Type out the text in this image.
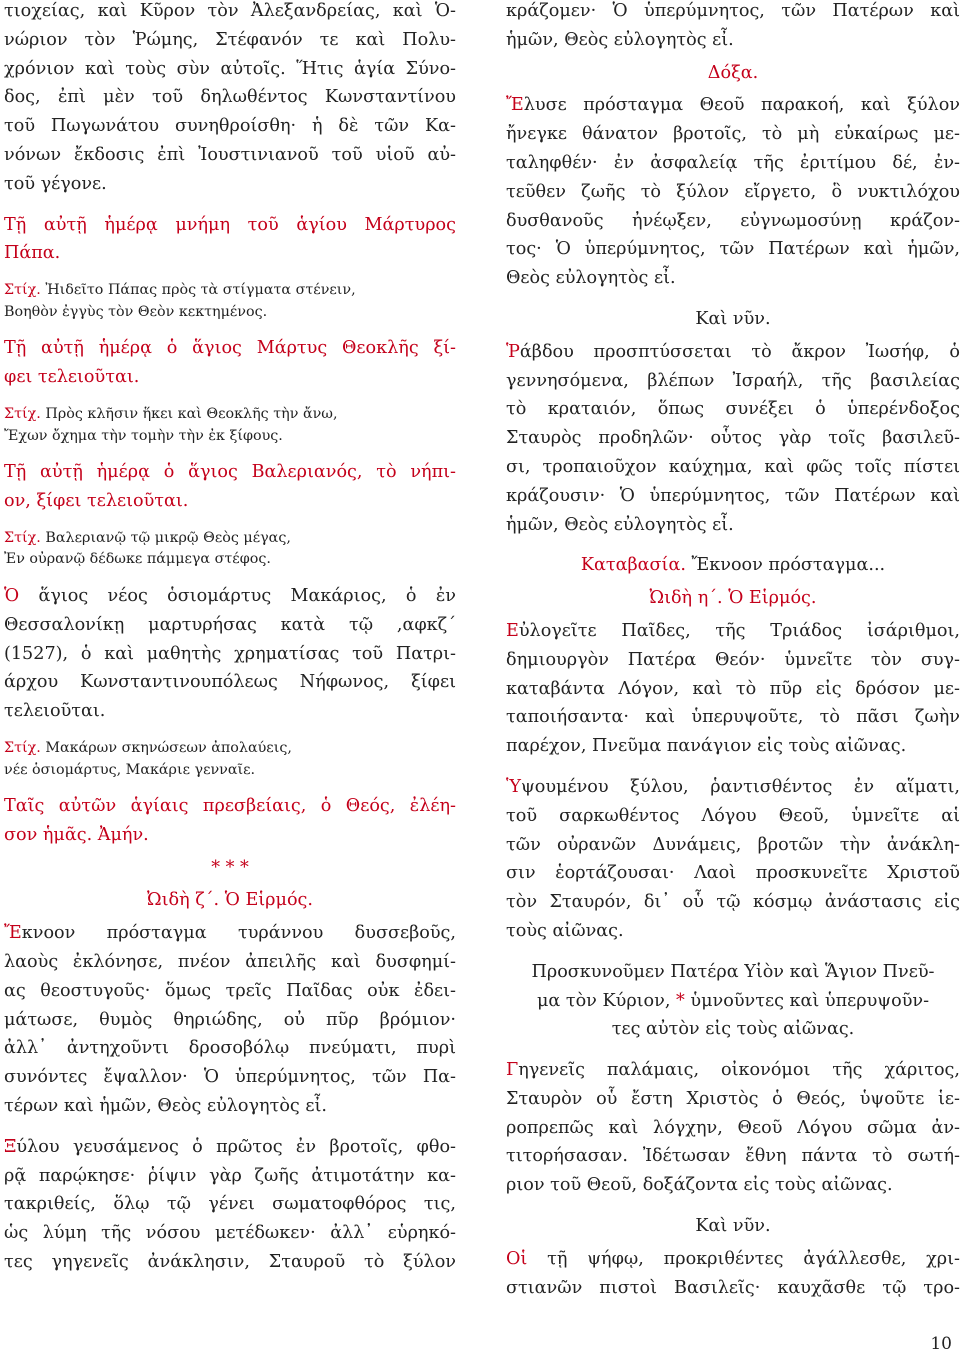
τιοχείας, καὶ Κῦρον τὸν Ἀλεξανδρείας, καὶ Ὁ-
νώριον τὸν Ῥώμης, Στέφανόν τε καὶ Πολυ-
χρόνιον καὶ τοὺς σὺν αὐτοῖς. Ἥτις ἁγία Σύνο-
δος, ἐπὶ μὲν τοῦ δηλωθέντος Κωνσταντίνου
τοῦ Πωγωνάτου συνηθροίσθη· ἡ δὲ τῶν Κα-
νόνων ἔκδοσις ἐπὶ Ἰουστινιανοῦ τοῦ υἱοῦ αὐ-
τοῦ γέγονε.
Τῇ αὐτῇ ἡμέρᾳ μνήμη τοῦ ἁγίου Μάρτυρος
Πάπα.
Στίχ. Ἠιδεῖτο Πάπας πρὸς τὰ στίγματα στένειν,
Βοηθὸν ἐγγὺς τὸν Θεὸν κεκτημένος.
Τῇ αὐτῇ ἡμέρᾳ ὁ ἅγιος Μάρτυς Θεοκλῆς ξί-
φει τελειοῦται.
Στίχ. Πρὸς κλῆσιν ἥκει καὶ Θεοκλῆς τὴν ἄνω,
Ἔχων ὄχημα τὴν τομὴν τὴν ἐκ ξίφους.
Τῇ αὐτῇ ἡμέρᾳ ὁ ἅγιος Βαλεριανός, τὸ νήπι-
ον, ξίφει τελειοῦται.
Στίχ. Βαλεριανῷ τῷ μικρῷ Θεὸς μέγας,
Ἐν οὐρανῷ δέδωκε πάμμεγα στέφος.
Ὁ ἅγιος νέος ὁσιομάρτυς Μακάριος, ὁ ἐν
Θεσσαλονίκῃ μαρτυρήσας κατὰ τῷ ,αφκζ´
(1527), ὁ καὶ μαθητὴς χρηματίσας τοῦ Πατρι-
άρχου Κωνσταντινουπόλεως Νήφωνος, ξίφει
τελειοῦται.
Στίχ. Μακάρων σκηνώσεων ἀπολαύεις,
νέε ὁσιομάρτυς, Μακάριε γενναῖε.
Ταῖς αὐτῶν ἁγίαις πρεσβείαις, ὁ Θεός, ἐλέη-
σον ἡμᾶς. Ἀμήν.
* * *
Ὠιδὴ ζ΄. Ὁ Εἱρμός.
Ἔκνοον πρόσταγμα τυράννου δυσσεβοῦς,
λαοὺς ἐκλόνησε, πνέον ἀπειλῆς καὶ δυσφημί-
ας θεοστυγοῦς· ὅμως τρεῖς Παῖδας οὐκ ἐδει-
μάτωσε, θυμὸς θηριώδης, οὐ πῦρ βρόμιον·
ἀλλ᾽ ἀντηχοῦντι δροσοβόλῳ πνεύματι, πυρὶ
συνόντες ἔψαλλον· Ὁ ὑπερύμνητος, τῶν Πα-
τέρων καὶ ἡμῶν, Θεὸς εὐλογητὸς εἶ.
Ξύλου γευσάμενος ὁ πρῶτος ἐν βροτοῖς, φθο-
ρᾷ παρῴκησε· ῥίψιν γὰρ ζωῆς ἀτιμοτάτην κα-
τακριθείς, ὅλῳ τῷ γένει σωματοφθόρος τις,
ὡς λύμη τῆς νόσου μετέδωκεν· ἀλλ᾽ εὑρηκό-
τες γηγενεῖς ἀνάκλησιν, Σταυροῦ τὸ ξύλον
κράζομεν· Ὁ ὑπερύμνητος, τῶν Πατέρων καὶ
ἡμῶν, Θεὸς εὐλογητὸς εἶ.
Δόξα.
Ἔλυσε πρόσταγμα Θεοῦ παρακοή, καὶ ξύλον
ἤνεγκε θάνατον βροτοῖς, τὸ μὴ εὐκαίρως με-
ταληφθέν· ἐν ἀσφαλείᾳ τῆς ἐριτίμου δέ, ἐν-
τεῦθεν ζωῆς τὸ ξύλον εἴργετο, ὃ νυκτιλόχου
δυσθανοῦς ἠνέῳξεν, εὐγνωμοσύνῃ κράζον-
τος· Ὁ ὑπερύμνητος, τῶν Πατέρων καὶ ἡμῶν,
Θεὸς εὐλογητὸς εἶ.
Καὶ νῦν.
Ῥάβδου προσπτύσσεται τὸ ἄκρον Ἰωσήφ, ὁ
γεννησόμενα, βλέπων Ἰσραήλ, τῆς βασιλείας
τὸ κραταιόν, ὅπως συνέξει ὁ ὑπερένδοξος
Σταυρὸς προδηλῶν· οὗτος γὰρ τοῖς βασιλεῦ-
σι, τροπαιοῦχον καύχημα, καὶ φῶς τοῖς πίστει
κράζουσιν· Ὁ ὑπερύμνητος, τῶν Πατέρων καὶ
ἡμῶν, Θεὸς εὐλογητὸς εἶ.
Καταβασία. Ἔκνοον πρόσταγμα...
Ὠιδὴ η΄. Ὁ Εἱρμός.
Εὐλογεῖτε Παῖδες, τῆς Τριάδος ἰσάριθμοι,
δημιουργὸν Πατέρα Θεόν· ὑμνεῖτε τὸν συγ-
καταβάντα Λόγον, καὶ τὸ πῦρ εἰς δρόσον με-
ταποιήσαντα· καὶ ὑπερυψοῦτε, τὸ πᾶσι ζωὴν
παρέχον, Πνεῦμα πανάγιον εἰς τοὺς αἰῶνας.
Ὑψουμένου ξύλου, ῥαντισθέντος ἐν αἵματι,
τοῦ σαρκωθέντος Λόγου Θεοῦ, ὑμνεῖτε αἱ
τῶν οὐρανῶν Δυνάμεις, βροτῶν τὴν ἀνάκλη-
σιν ἑορτάζουσαι· Λαοὶ προσκυνεῖτε Χριστοῦ
τὸν Σταυρόν, δι᾽ οὗ τῷ κόσμῳ ἀνάστασις εἰς
τοὺς αἰῶνας.
Προσκυνοῦμεν Πατέρα Υἱὸν καὶ Ἅγιον Πνεῦ-
μα τὸν Κύριον, * ὑμνοῦντες καὶ ὑπερυψοῦν-
τες αὐτὸν εἰς τοὺς αἰῶνας.
Γηγενεῖς παλάμαις, οἰκονόμοι τῆς χάριτος,
Σταυρὸν οὗ ἔστη Χριστὸς ὁ Θεός, ὑψοῦτε ἱε-
ροπρεπῶς καὶ λόγχην, Θεοῦ Λόγου σῶμα ἀν-
τιτορήσασαν. Ἰδέτωσαν ἔθνη πάντα τὸ σωτή-
ριον τοῦ Θεοῦ, δοξάζοντα εἰς τοὺς αἰῶνας.
Καὶ νῦν.
Οἱ τῇ ψήφῳ, προκριθέντες ἀγάλλεσθε, χρι-
στιανῶν πιστοὶ Βασιλεῖς· καυχᾶσθε τῷ τρο-
10
